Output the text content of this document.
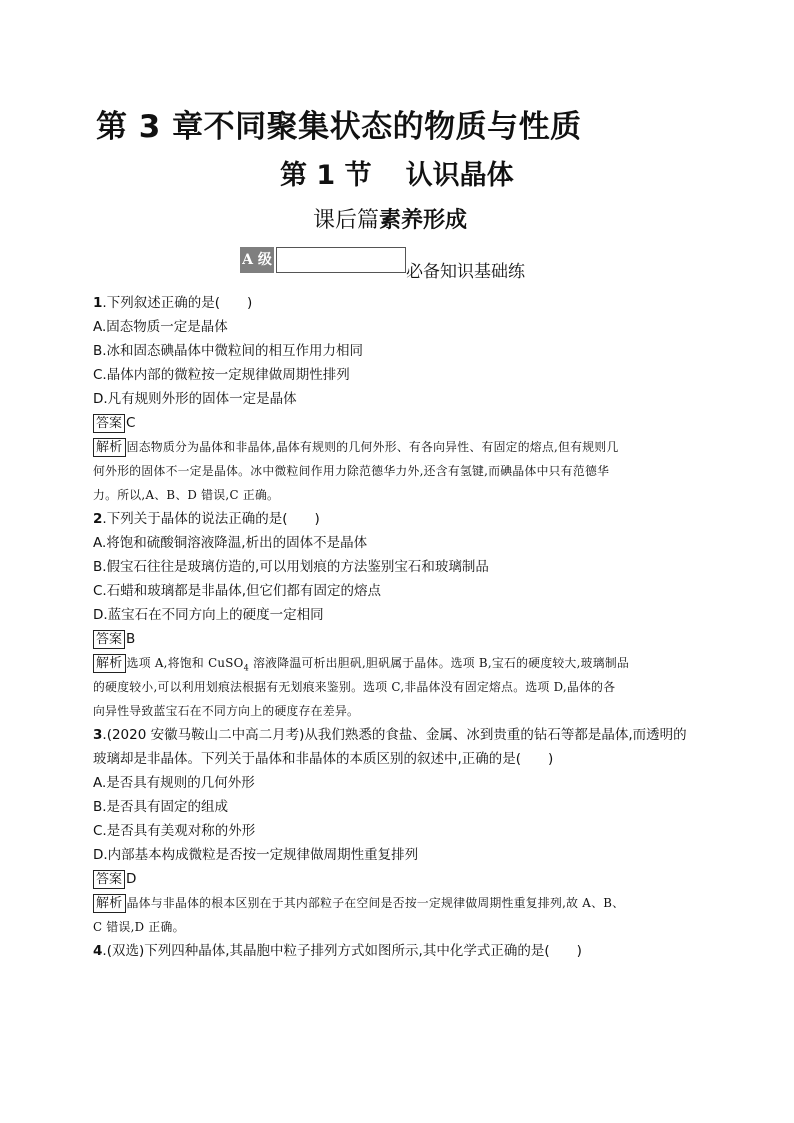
第 3 章不同聚集状态的物质与性质
第 1 节 认识晶体
课后篇素养形成
A 级
必备知识基础练
1.下列叙述正确的是(　　)
A.固态物质一定是晶体
B.冰和固态碘晶体中微粒间的相互作用力相同
C.晶体内部的微粒按一定规律做周期性排列
D.凡有规则外形的固体一定是晶体
答案 C
解析 固态物质分为晶体和非晶体,晶体有规则的几何外形、有各向异性、有固定的熔点,但有规则几
何外形的固体不一定是晶体。冰中微粒间作用力除范德华力外,还含有氢键,而碘晶体中只有范德华
力。所以,A、B、D 错误,C 正确。
2.下列关于晶体的说法正确的是(　　)
A.将饱和硫酸铜溶液降温,析出的固体不是晶体
B.假宝石往往是玻璃仿造的,可以用划痕的方法鉴别宝石和玻璃制品
C.石蜡和玻璃都是非晶体,但它们都有固定的熔点
D.蓝宝石在不同方向上的硬度一定相同
答案 B
解析 选项 A,将饱和 CuSO$_4$ 溶液降温可析出胆矾,胆矾属于晶体。选项 B,宝石的硬度较大,玻璃制品
的硬度较小,可以利用划痕法根据有无划痕来鉴别。选项 C,非晶体没有固定熔点。选项 D,晶体的各
向异性导致蓝宝石在不同方向上的硬度存在差异。
3.(2020 安徽马鞍山二中高二月考)从我们熟悉的食盐、金属、冰到贵重的钻石等都是晶体,而透明的
玻璃却是非晶体。下列关于晶体和非晶体的本质区别的叙述中,正确的是(　　)
A.是否具有规则的几何外形
B.是否具有固定的组成
C.是否具有美观对称的外形
D.内部基本构成微粒是否按一定规律做周期性重复排列
答案 D
解析 晶体与非晶体的根本区别在于其内部粒子在空间是否按一定规律做周期性重复排列,故 A、B、
C 错误,D 正确。
4.(双选)下列四种晶体,其晶胞中粒子排列方式如图所示,其中化学式正确的是(　　)
